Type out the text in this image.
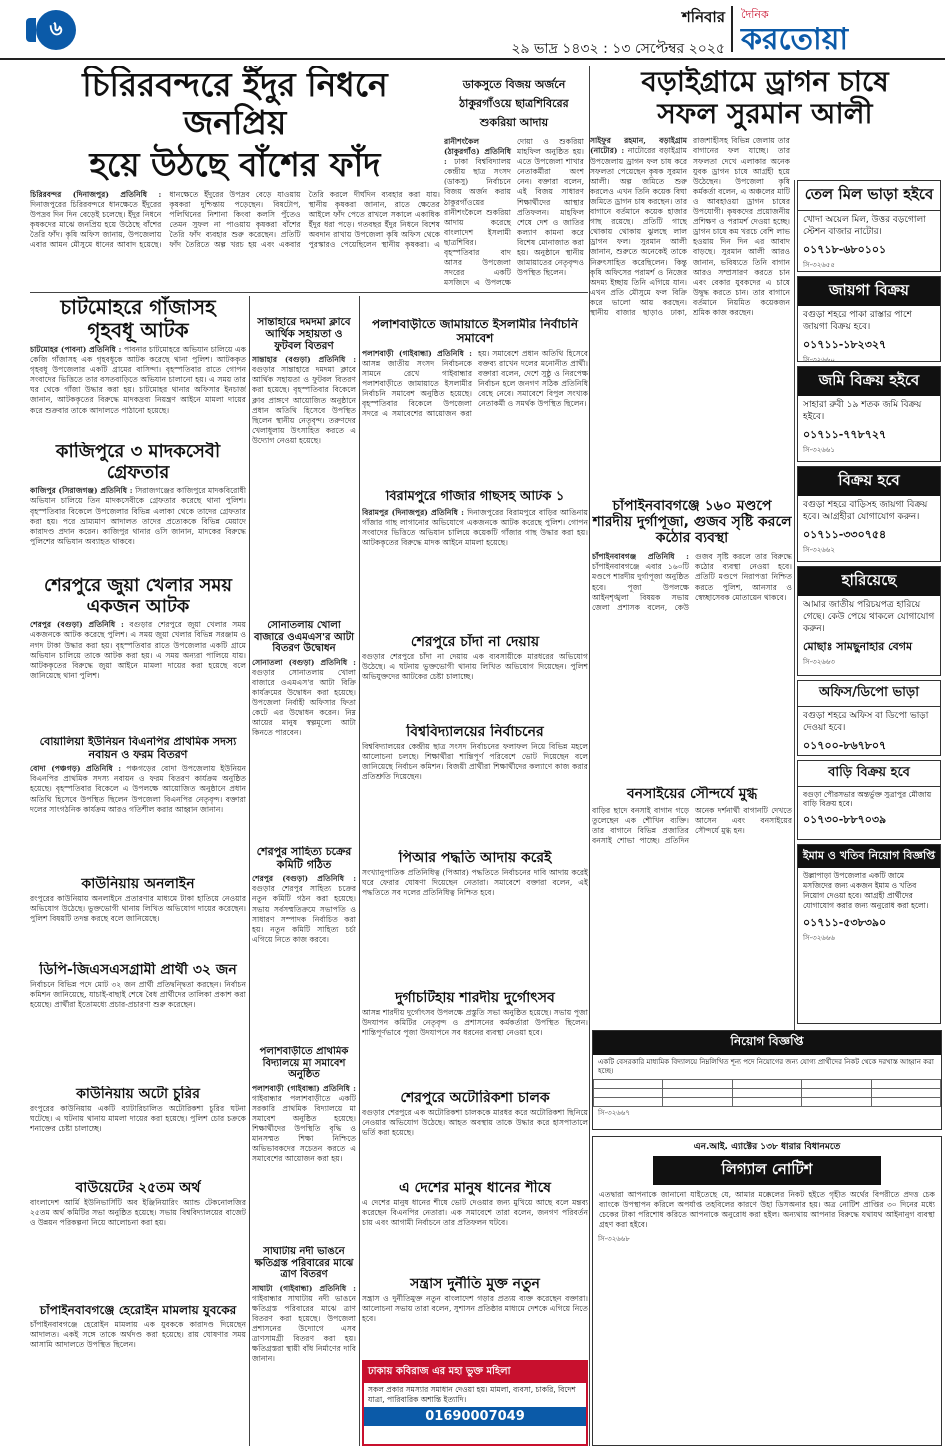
৬	শনিবার
২৯ ভাদ্র ১৪৩২ : ১৩ সেপ্টেম্বর ২০২৫
দৈনিক
করতোয়া
চিরিরবন্দরে ইঁদুর নিধনে জনপ্রিয়
হয়ে উঠছে বাঁশের ফাঁদ
চিরিরবন্দর (দিনাজপুর) প্রতিনিধি : দিনাজপুরের চিরিরবন্দরে ধানক্ষেতে ইঁদুরের উপদ্রব দিন দিন বেড়েই চলেছে। ইঁদুর নিধনে কৃষকদের মাঝে জনপ্রিয় হয়ে উঠেছে বাঁশের তৈরি ফাঁদ। কৃষি অফিস জানায়, উপজেলায় এবার আমন মৌসুমে ধানের আবাদ হয়েছে। ধানক্ষেতে ইঁদুরের উপদ্রব বেড়ে যাওয়ায় কৃষকরা দুশ্চিন্তায় পড়েছেন। বিষটোপ, পলিথিনের নিশানা কিংবা কলসি পুঁতেও তেমন সুফল না পাওয়ায় কৃষকরা বাঁশের তৈরি ফাঁদ ব্যবহার শুরু করেছেন। প্রতিটি ফাঁদ তৈরিতে অল্প খরচ হয় এবং একবার তৈরি করলে দীর্ঘদিন ব্যবহার করা যায়। স্থানীয় কৃষকরা জানান, রাতে ক্ষেতের আইলে ফাঁদ পেতে রাখলে সকালে একাধিক ইঁদুর ধরা পড়ে। গতবছর ইঁদুর নিধনে বিশেষ অবদান রাখায় উপজেলা কৃষি অফিস থেকে পুরস্কারও পেয়েছিলেন স্থানীয় কৃষকরা। এ
ডাকসুতে বিজয় অর্জনে ঠাকুরগাঁওয়ে ছাত্রশিবিরের শুকরিয়া আদায়
রানীশংকৈল (ঠাকুরগাঁও) প্রতিনিধি : ঢাকা বিশ্ববিদ্যালয় কেন্দ্রীয় ছাত্র সংসদ (ডাকসু) নির্বাচনে বিজয় অর্জন করায় ঠাকুরগাঁওয়ের রানীশংকৈলে শুকরিয়া আদায় করেছে বাংলাদেশ ইসলামী ছাত্রশিবির। বৃহস্পতিবার বাদ আসর উপজেলা সদরের একটি মসজিদে এ উপলক্ষে দোয়া ও শুকরিয়া মাহফিল অনুষ্ঠিত হয়। এতে উপজেলা শাখার নেতাকর্মীরা অংশ নেন। বক্তারা বলেন, এই বিজয় সাধারণ শিক্ষার্থীদের আস্থার প্রতিফলন। মাহফিল শেষে দেশ ও জাতির কল্যাণ কামনা করে বিশেষ মোনাজাত করা হয়। অনুষ্ঠানে স্থানীয় জামায়াতের নেতৃবৃন্দও উপস্থিত ছিলেন।
বড়াইগ্রামে ড্রাগন চাষে
সফল সুরমান আলী
সাইফুর রহমান, বড়াইগ্রাম (নাটোর) : নাটোরের বড়াইগ্রাম উপজেলায় ড্রাগন ফল চাষ করে সফলতা পেয়েছেন কৃষক সুরমান আলী। অল্প জমিতে শুরু করলেও এখন তিনি কয়েক বিঘা জমিতে ড্রাগন চাষ করছেন। তার বাগানে বর্তমানে কয়েক হাজার গাছ রয়েছে। প্রতিটি গাছে থোকায় থোকায় ঝুলছে লাল ড্রাগন ফল। সুরমান আলী জানান, শুরুতে অনেকেই তাকে নিরুৎসাহিত করেছিলেন। কিন্তু কৃষি অফিসের পরামর্শ ও নিজের অদম্য ইচ্ছায় তিনি এগিয়ে যান। এখন প্রতি মৌসুমে ফল বিক্রি করে ভালো আয় করছেন। স্থানীয় বাজার ছাড়াও ঢাকা, রাজশাহীসহ বিভিন্ন জেলায় তার বাগানের ফল যাচ্ছে। তার সফলতা দেখে এলাকার অনেক যুবক ড্রাগন চাষে আগ্রহী হয়ে উঠেছেন। উপজেলা কৃষি কর্মকর্তা বলেন, এ অঞ্চলের মাটি ও আবহাওয়া ড্রাগন চাষের উপযোগী। কৃষকদের প্রয়োজনীয় প্রশিক্ষণ ও পরামর্শ দেওয়া হচ্ছে। ড্রাগন চাষে কম খরচে বেশি লাভ হওয়ায় দিন দিন এর আবাদ বাড়ছে। সুরমান আলী আরও জানান, ভবিষ্যতে তিনি বাগান আরও সম্প্রসারণ করতে চান এবং বেকার যুবকদের এ চাষে উদ্বুদ্ধ করতে চান। তার বাগানে বর্তমানে নিয়মিত কয়েকজন শ্রমিক কাজ করছেন।
তেল মিল ভাড়া হইবে
খোদা অয়েল মিল, উত্তর বড়গোলা স্টেশন বাজার নাটোর।
০১৭১৮-৬৮০১০১
সি-৩২৬৫৫
জায়গা বিক্রয়
বগুড়া শহরে পাকা রাস্তার পাশে জায়গা বিক্রয় হবে।
০১৭১১-১৮২৩২৭
সি-৩২৬৬০
জমি বিক্রয় হইবে
সাহারা রুবী ১৯ শতক জমি বিক্রয় হইবে।
০১৭১১-৭৭৮৭২৭
সি-৩২৬৬১
বিক্রয় হবে
বগুড়া শহরে বাড়িসহ জায়গা বিক্রয় হবে। আগ্রহীরা যোগাযোগ করুন।
০১৭১১-৩৩০৭৫৪
সি-৩২৬৬২
হারিয়েছে
আমার জাতীয় পরিচয়পত্র হারিয়ে গেছে। কেউ পেয়ে থাকলে যোগাযোগ করুন।
মোছাঃ সামছুনাহার বেগম
সি-৩২৬৬৩
অফিস/ডিপো ভাড়া
বগুড়া শহরে অফিস বা ডিপো ভাড়া দেওয়া হবে।
০১৭০০-৮৬৭৮০৭
চাঁপাইনবাবগঞ্জে ১৬০ মণ্ডপে শারদীয় দুর্গাপূজা, গুজব সৃষ্টি করলে কঠোর ব্যবস্থা
চাঁপাইনবাবগঞ্জ প্রতিনিধি : চাঁপাইনবাবগঞ্জে এবার ১৬০টি মণ্ডপে শারদীয় দুর্গাপূজা অনুষ্ঠিত হবে। পূজা উপলক্ষে আইনশৃঙ্খলা বিষয়ক সভায় জেলা প্রশাসক বলেন, কেউ গুজব সৃষ্টি করলে তার বিরুদ্ধে কঠোর ব্যবস্থা নেওয়া হবে। প্রতিটি মণ্ডপে নিরাপত্তা নিশ্চিত করতে পুলিশ, আনসার ও স্বেচ্ছাসেবক মোতায়েন থাকবে।
বনসাইয়ের সৌন্দর্যে মুগ্ধ
বাড়ির ছাদে বনসাই বাগান গড়ে তুলেছেন এক শৌখিন ব্যক্তি। তার বাগানে বিভিন্ন প্রজাতির বনসাই শোভা পাচ্ছে। প্রতিদিন অনেক দর্শনার্থী বাগানটি দেখতে আসেন এবং বনসাইয়ের সৌন্দর্যে মুগ্ধ হন।
বাড়ি বিক্রয় হবে
বগুড়া পৌরসভার অন্তর্ভুক্ত সুত্রাপুর মৌজায় বাড়ি বিক্রয় হবে।
০১৭৩০-৮৮৭০৩৯
ইমাম ও খতিব নিয়োগ বিজ্ঞপ্তি
উল্লাপাড়া উপজেলার একটি জামে মসজিদের জন্য একজন ইমাম ও খতিব নিয়োগ দেওয়া হবে। আগ্রহী প্রার্থীদের যোগাযোগ করার জন্য অনুরোধ করা হলো।
০১৭১১-৫৩৮৩৯০
সি-৩২৬৬৬
নিয়োগ বিজ্ঞপ্তি
একটি বেসরকারি মাধ্যমিক বিদ্যালয়ে নিম্নলিখিত শূন্য পদে নিয়োগের জন্য যোগ্য প্রার্থীদের নিকট থেকে দরখাস্ত আহ্বান করা হচ্ছে।

সি-৩২৬৬৭
এন.আই. এ্যাক্টের ১৩৮ ধারার বিধানমতে
লিগ্যাল নোটিশ
এতদ্বারা আপনাকে জানানো যাইতেছে যে, আমার মক্কেলের নিকট হইতে গৃহীত অর্থের বিপরীতে প্রদত্ত চেক ব্যাংকে উপস্থাপন করিলে অপর্যাপ্ত তহবিলের কারণে উহা ডিসঅনার হয়। অত্র নোটিশ প্রাপ্তির ৩০ দিনের মধ্যে চেকের টাকা পরিশোধ করিতে আপনাকে অনুরোধ করা হইল। অন্যথায় আপনার বিরুদ্ধে যথাযথ আইনানুগ ব্যবস্থা গ্রহণ করা হইবে।
সি-৩২৬৬৮
চাটমোহরে গাঁজাসহ
গৃহবধূ আটক
চাটমোহর (পাবনা) প্রতিনিধি : পাবনার চাটমোহরে অভিযান চালিয়ে এক কেজি গাঁজাসহ এক গৃহবধূকে আটক করেছে থানা পুলিশ। আটককৃত গৃহবধূ উপজেলার একটি গ্রামের বাসিন্দা। বৃহস্পতিবার রাতে গোপন সংবাদের ভিত্তিতে তার বসতবাড়িতে অভিযান চালানো হয়। এ সময় তার ঘর থেকে গাঁজা উদ্ধার করা হয়। চাটমোহর থানার অফিসার ইনচার্জ জানান, আটককৃতের বিরুদ্ধে মাদকদ্রব্য নিয়ন্ত্রণ আইনে মামলা দায়ের করে শুক্রবার তাকে আদালতে পাঠানো হয়েছে।
কাজিপুরে ৩ মাদকসেবী গ্রেফতার
কাজিপুর (সিরাজগঞ্জ) প্রতিনিধি : সিরাজগঞ্জের কাজিপুরে মাদকবিরোধী অভিযান চালিয়ে তিন মাদকসেবীকে গ্রেফতার করেছে থানা পুলিশ। বৃহস্পতিবার বিকেলে উপজেলার বিভিন্ন এলাকা থেকে তাদের গ্রেফতার করা হয়। পরে ভ্রাম্যমাণ আদালত তাদের প্রত্যেককে বিভিন্ন মেয়াদে কারাদণ্ড প্রদান করেন। কাজিপুর থানার ওসি জানান, মাদকের বিরুদ্ধে পুলিশের অভিযান অব্যাহত থাকবে।
শেরপুরে জুয়া খেলার সময়
একজন আটক
শেরপুর (বগুড়া) প্রতিনিধি : বগুড়ার শেরপুরে জুয়া খেলার সময় একজনকে আটক করেছে পুলিশ। এ সময় জুয়া খেলার বিভিন্ন সরঞ্জাম ও নগদ টাকা উদ্ধার করা হয়। বৃহস্পতিবার রাতে উপজেলার একটি গ্রামে অভিযান চালিয়ে তাকে আটক করা হয়। এ সময় অন্যরা পালিয়ে যায়। আটককৃতের বিরুদ্ধে জুয়া আইনে মামলা দায়ের করা হয়েছে বলে জানিয়েছে থানা পুলিশ।
বোয়ালিয়া ইউনিয়ন বিএনপির প্রাথমিক সদস্য নবায়ন ও ফরম বিতরণ
বোদা (পঞ্চগড়) প্রতিনিধি : পঞ্চগড়ের বোদা উপজেলায় ইউনিয়ন বিএনপির প্রাথমিক সদস্য নবায়ন ও ফরম বিতরণ কার্যক্রম অনুষ্ঠিত হয়েছে। বৃহস্পতিবার বিকেলে এ উপলক্ষে আয়োজিত অনুষ্ঠানে প্রধান অতিথি হিসেবে উপস্থিত ছিলেন উপজেলা বিএনপির নেতৃবৃন্দ। বক্তারা দলের সাংগঠনিক কার্যক্রম আরও গতিশীল করার আহ্বান জানান।
কাউনিয়ায় অনলাইন
রংপুরের কাউনিয়ায় অনলাইনে প্রতারণার মাধ্যমে টাকা হাতিয়ে নেওয়ার অভিযোগ উঠেছে। ভুক্তভোগী থানায় লিখিত অভিযোগ দায়ের করেছেন। পুলিশ বিষয়টি তদন্ত করছে বলে জানিয়েছে।
ডিপি-জিএসএসগ্রামী প্রার্থী ৩২ জন
নির্বাচনে বিভিন্ন পদে মোট ৩২ জন প্রার্থী প্রতিদ্বন্দ্বিতা করছেন। নির্বাচন কমিশন জানিয়েছে, যাচাই-বাছাই শেষে বৈধ প্রার্থীদের তালিকা প্রকাশ করা হয়েছে। প্রার্থীরা ইতোমধ্যে প্রচার-প্রচারণা শুরু করেছেন।
কাউনিয়ায় অটো চুরির
রংপুরের কাউনিয়ায় একটি ব্যাটারিচালিত অটোরিকশা চুরির ঘটনা ঘটেছে। এ ঘটনায় থানায় মামলা দায়ের করা হয়েছে। পুলিশ চোর চক্রকে শনাক্তের চেষ্টা চালাচ্ছে।
বাউয়েটের ২৫তম অর্থ
বাংলাদেশ আর্মি ইউনিভার্সিটি অব ইঞ্জিনিয়ারিং অ্যান্ড টেকনোলজির ২৫তম অর্থ কমিটির সভা অনুষ্ঠিত হয়েছে। সভায় বিশ্ববিদ্যালয়ের বাজেট ও উন্নয়ন পরিকল্পনা নিয়ে আলোচনা করা হয়।
চাঁপাইনবাবগঞ্জে হেরোইন মামলায় যুবকের
চাঁপাইনবাবগঞ্জে হেরোইন মামলায় এক যুবককে কারাদণ্ড দিয়েছেন আদালত। একই সঙ্গে তাকে অর্থদণ্ড করা হয়েছে। রায় ঘোষণার সময় আসামি আদালতে উপস্থিত ছিলেন।
সান্তাহারে দমদমা ক্লাবে আর্থিক সহায়তা ও ফুটবল বিতরণ
সান্তাহার (বগুড়া) প্রতিনিধি : বগুড়ার সান্তাহারে দমদমা ক্লাবে আর্থিক সহায়তা ও ফুটবল বিতরণ করা হয়েছে। বৃহস্পতিবার বিকেলে ক্লাব প্রাঙ্গণে আয়োজিত অনুষ্ঠানে প্রধান অতিথি হিসেবে উপস্থিত ছিলেন স্থানীয় নেতৃবৃন্দ। তরুণদের খেলাধুলায় উৎসাহিত করতে এ উদ্যোগ নেওয়া হয়েছে।
সোনাতলায় খোলা বাজারে ওএমএস'র আটা বিতরণ উদ্বোধন
সোনাতলা (বগুড়া) প্রতিনিধি : বগুড়ার সোনাতলায় খোলা বাজারে ওএমএস'র আটা বিক্রি কার্যক্রমের উদ্বোধন করা হয়েছে। উপজেলা নির্বাহী অফিসার ফিতা কেটে এর উদ্বোধন করেন। নিম্ন আয়ের মানুষ স্বল্পমূল্যে আটা কিনতে পারবেন।
শেরপুর সাহিত্য চক্রের কমিটি গঠিত
শেরপুর (বগুড়া) প্রতিনিধি : বগুড়ার শেরপুর সাহিত্য চক্রের নতুন কমিটি গঠন করা হয়েছে। সভায় সর্বসম্মতিক্রমে সভাপতি ও সাধারণ সম্পাদক নির্বাচিত করা হয়। নতুন কমিটি সাহিত্য চর্চা এগিয়ে নিতে কাজ করবে।
পলাশবাড়ীতে প্রাথমিক বিদ্যালয়ে মা সমাবেশ অনুষ্ঠিত
পলাশবাড়ী (গাইবান্ধা) প্রতিনিধি : গাইবান্ধার পলাশবাড়ীতে একটি সরকারি প্রাথমিক বিদ্যালয়ে মা সমাবেশ অনুষ্ঠিত হয়েছে। শিক্ষার্থীদের উপস্থিতি বৃদ্ধি ও মানসম্মত শিক্ষা নিশ্চিতে অভিভাবকদের সচেতন করতে এ সমাবেশের আয়োজন করা হয়।
সাঘাটায় নদী ভাঙনে ক্ষতিগ্রস্ত পরিবারের মাঝে ত্রাণ বিতরণ
সাঘাটা (গাইবান্ধা) প্রতিনিধি : গাইবান্ধার সাঘাটায় নদী ভাঙনে ক্ষতিগ্রস্ত পরিবারের মাঝে ত্রাণ বিতরণ করা হয়েছে। উপজেলা প্রশাসনের উদ্যোগে এসব ত্রাণসামগ্রী বিতরণ করা হয়। ক্ষতিগ্রস্তরা স্থায়ী বাঁধ নির্মাণের দাবি জানান।
পলাশবাড়ীতে জামায়াতে ইসলামীর নির্বাচনি সমাবেশ
পলাশবাড়ী (গাইবান্ধা) প্রতিনিধি : আসন্ন জাতীয় সংসদ নির্বাচনকে সামনে রেখে গাইবান্ধার পলাশবাড়ীতে জামায়াতে ইসলামীর নির্বাচনি সমাবেশ অনুষ্ঠিত হয়েছে। বৃহস্পতিবার বিকেলে উপজেলা সদরে এ সমাবেশের আয়োজন করা হয়। সমাবেশে প্রধান অতিথি হিসেবে বক্তব্য রাখেন দলের মনোনীত প্রার্থী। বক্তারা বলেন, দেশে সুষ্ঠু ও নিরপেক্ষ নির্বাচন হলে জনগণ সঠিক প্রতিনিধি বেছে নেবে। সমাবেশে বিপুল সংখ্যক নেতাকর্মী ও সমর্থক উপস্থিত ছিলেন।
বিরামপুরে গাঁজার গাছসহ আটক ১
বিরামপুর (দিনাজপুর) প্রতিনিধি : দিনাজপুরের বিরামপুরে বাড়ির আঙিনায় গাঁজার গাছ লাগানোর অভিযোগে একজনকে আটক করেছে পুলিশ। গোপন সংবাদের ভিত্তিতে অভিযান চালিয়ে কয়েকটি গাঁজার গাছ উদ্ধার করা হয়। আটককৃতের বিরুদ্ধে মাদক আইনে মামলা হয়েছে।
শেরপুরে চাঁদা না দেয়ায়
বগুড়ার শেরপুরে চাঁদা না দেয়ায় এক ব্যবসায়ীকে মারধরের অভিযোগ উঠেছে। এ ঘটনায় ভুক্তভোগী থানায় লিখিত অভিযোগ দিয়েছেন। পুলিশ অভিযুক্তদের আটকের চেষ্টা চালাচ্ছে।
বিশ্ববিদ্যালয়ের নির্বাচনের
বিশ্ববিদ্যালয়ের কেন্দ্রীয় ছাত্র সংসদ নির্বাচনের ফলাফল নিয়ে বিভিন্ন মহলে আলোচনা চলছে। শিক্ষার্থীরা শান্তিপূর্ণ পরিবেশে ভোট দিয়েছেন বলে জানিয়েছে নির্বাচন কমিশন। বিজয়ী প্রার্থীরা শিক্ষার্থীদের কল্যাণে কাজ করার প্রতিশ্রুতি দিয়েছেন।
পিআর পদ্ধতি আদায় করেই
সংখ্যানুপাতিক প্রতিনিধিত্ব (পিআর) পদ্ধতিতে নির্বাচনের দাবি আদায় করেই ঘরে ফেরার ঘোষণা দিয়েছেন নেতারা। সমাবেশে বক্তারা বলেন, এই পদ্ধতিতে সব দলের প্রতিনিধিত্ব নিশ্চিত হবে।
দুর্গাচটিহায় শারদীয় দুর্গোৎসব
আসন্ন শারদীয় দুর্গোৎসব উপলক্ষে প্রস্তুতি সভা অনুষ্ঠিত হয়েছে। সভায় পূজা উদযাপন কমিটির নেতৃবৃন্দ ও প্রশাসনের কর্মকর্তারা উপস্থিত ছিলেন। শান্তিপূর্ণভাবে পূজা উদযাপনে সব ধরনের ব্যবস্থা নেওয়া হবে।
শেরপুরে অটোরিকশা চালক
বগুড়ার শেরপুরে এক অটোরিকশা চালককে মারধর করে অটোরিকশা ছিনিয়ে নেওয়ার অভিযোগ উঠেছে। আহত অবস্থায় তাকে উদ্ধার করে হাসপাতালে ভর্তি করা হয়েছে।
এ দেশের মানুষ ধানের শীষে
এ দেশের মানুষ ধানের শীষে ভোট দেওয়ার জন্য মুখিয়ে আছে বলে মন্তব্য করেছেন বিএনপির নেতারা। এক সমাবেশে তারা বলেন, জনগণ পরিবর্তন চায় এবং আগামী নির্বাচনে তার প্রতিফলন ঘটবে।
সন্ত্রাস দুর্নীতি মুক্ত নতুন
সন্ত্রাস ও দুর্নীতিমুক্ত নতুন বাংলাদেশ গড়ার প্রত্যয় ব্যক্ত করেছেন বক্তারা। আলোচনা সভায় তারা বলেন, সুশাসন প্রতিষ্ঠার মাধ্যমে দেশকে এগিয়ে নিতে হবে।
ঢাকায় কবিরাজ এর মহা ভুক্ত মহিলা
সকল প্রকার সমস্যার সমাধান দেওয়া হয়। মামলা, ব্যবসা, চাকরি, বিদেশ যাত্রা, পারিবারিক অশান্তি ইত্যাদি।
01690007049
